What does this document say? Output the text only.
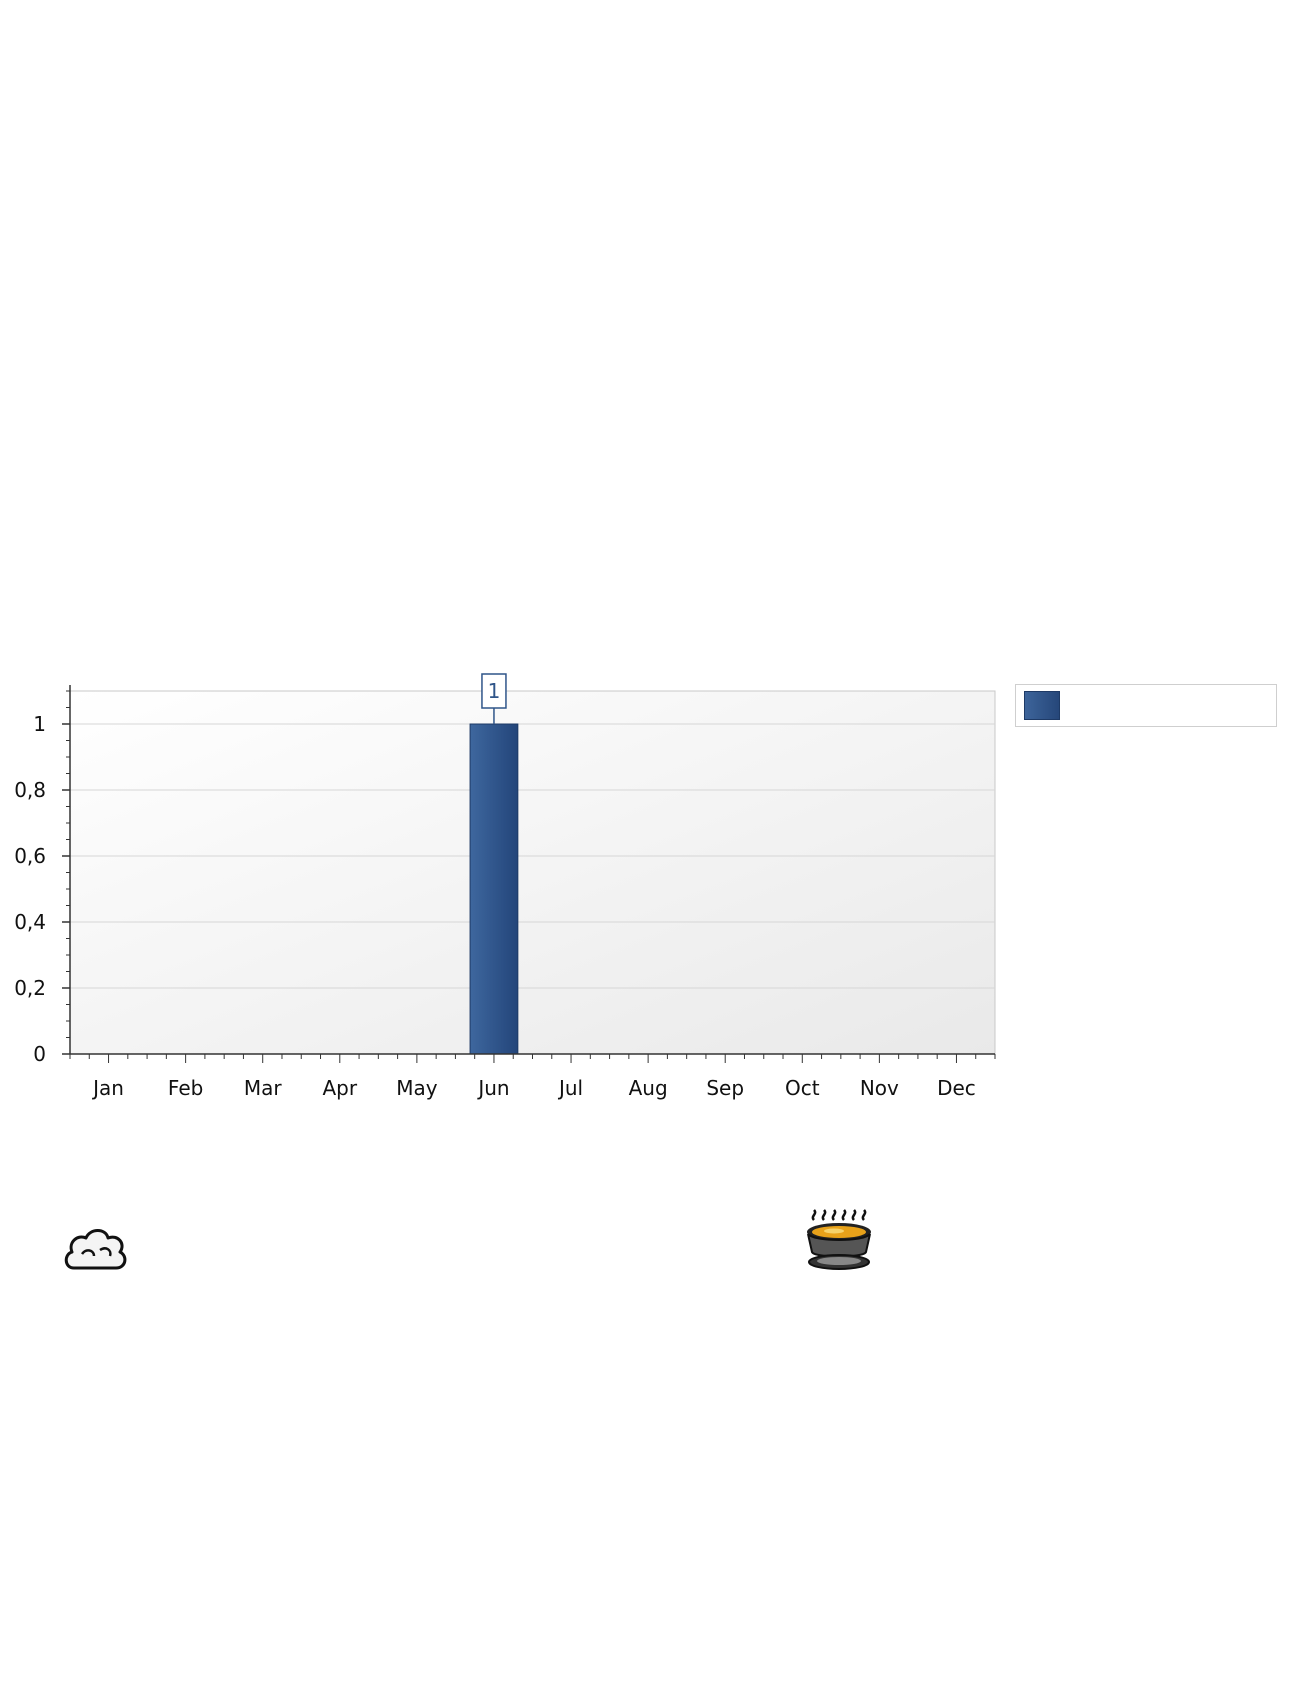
0
0,2
0,4
0,6
0,8
1
Jan Feb Mar Apr May Jun Jul Aug Sep Oct Nov Dec
1
